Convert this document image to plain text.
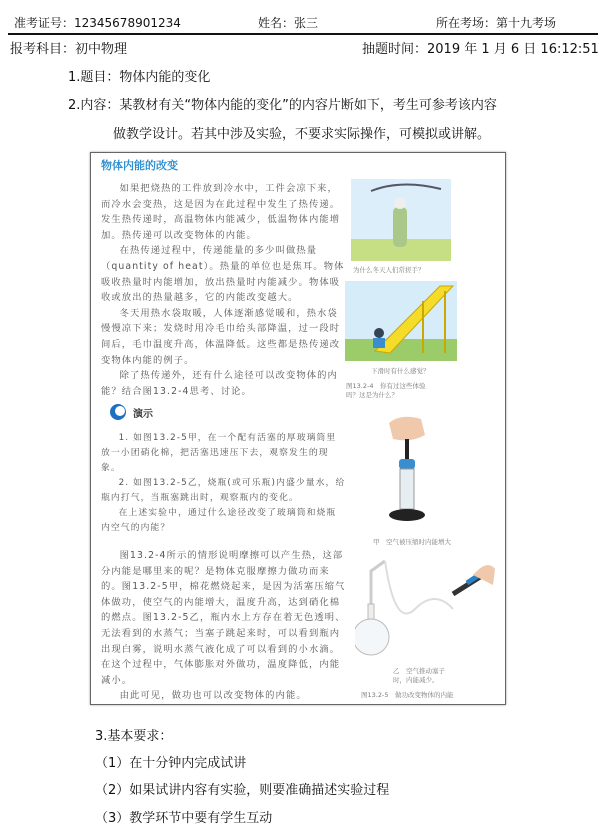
准考证号：12345678901234	姓名：张三	所在考场：第十九考场
报考科目：初中物理	抽题时间：2019 年 1 月 6 日 16:12:51
1.题目：物体内能的变化
2.内容：某教材有关“物体内能的变化”的内容片断如下，考生可参考该内容
做教学设计。若其中涉及实验，不要求实际操作，可模拟或讲解。
物体内能的改变

如果把烧热的工件放到冷水中，工件会凉下来，而冷水会变热，这是因为在此过程中发生了热传递。发生热传递时，高温物体内能减少，低温物体内能增加。热传递可以改变物体的内能。

在热传递过程中，传递能量的多少叫做热量（quantity of heat）。热量的单位也是焦耳。物体吸收热量时内能增加，放出热量时内能减少。物体吸收或放出的热量越多，它的内能改变越大。

冬天用热水袋取暖，人体逐渐感觉暖和，热水袋慢慢凉下来；发烧时用冷毛巾给头部降温，过一段时间后，毛巾温度升高，体温降低。这些都是热传递改变物体内能的例子。

除了热传递外，还有什么途径可以改变物体的内能？结合图13.2-4思考、讨论。

演示

1. 如图13.2-5甲，在一个配有活塞的厚玻璃筒里放一小团硝化棉，把活塞迅速压下去，观察发生的现象。

2. 如图13.2-5乙，烧瓶(或可乐瓶)内盛少量水，给瓶内打气，当瓶塞跳出时，观察瓶内的变化。

在上述实验中，通过什么途径改变了玻璃筒和烧瓶内空气的内能？

图13.2-4所示的情形说明摩擦可以产生热，这部分内能是哪里来的呢？是物体克服摩擦力做功而来的。图13.2-5甲，棉花燃烧起来，是因为活塞压缩气体做功，使空气的内能增大，温度升高，达到硝化棉的燃点。图13.2-5乙，瓶内水上方存在着无色透明、无法看到的水蒸气；当塞子跳起来时，可以看到瓶内出现白雾，说明水蒸气液化成了可以看到的小水滴。在这个过程中，气体膨胀对外做功，温度降低，内能减小。

由此可见，做功也可以改变物体的内能。

为什么冬天人们常搓手？
下滑时有什么感觉？
图13.2-4　你有过这些体验吗？这是为什么？
甲　空气被压缩时内能增大
乙　空气推动塞子时，内能减少。
图13.2-5　做功改变物体的内能
3.基本要求：
（1）在十分钟内完成试讲
（2）如果试讲内容有实验，则要准确描述实验过程
（3）教学环节中要有学生互动
